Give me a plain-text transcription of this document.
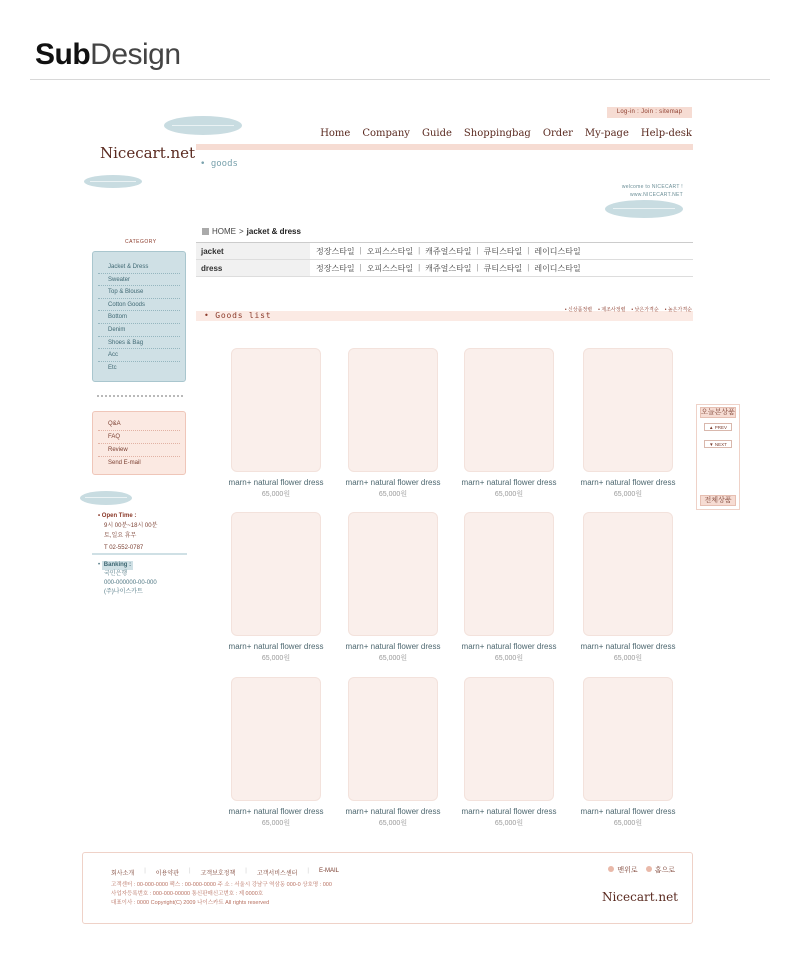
SubDesign
Nicecart.net
Log-in : Join : sitemap
Home Company Guide Shoppingbag Order My-page Help-desk
• goods
welcome to NICECART !
www.NICECART.NET
HOME > jacket & dress
jacket	정장스타일 | 오피스스타일 | 캐쥬얼스타일 | 큐티스타일 | 레이디스타일
dress	정장스타일 | 오피스스타일 | 캐쥬얼스타일 | 큐티스타일 | 레이디스타일
CATEGORY
Jacket & Dress
Sweater
Top & Blouse
Cotton Goods
Bottom
Denim
Shoes & Bag
Acc
Etc
Q&A
FAQ
Review
Send E-mail
• Open Time :
9시 00분~18시 00분
토,일요 휴무
T 02-552-0787
• Banking :
국민은행
000-000000-00-000
(주)나이스카트
• Goods list
• 신상품정렬 • 제조사정렬 • 낮은가격순 • 높은가격순
marn+ natural flower dress
65,000원
marn+ natural flower dress
65,000원
marn+ natural flower dress
65,000원
marn+ natural flower dress
65,000원
marn+ natural flower dress
65,000원
marn+ natural flower dress
65,000원
marn+ natural flower dress
65,000원
marn+ natural flower dress
65,000원
marn+ natural flower dress
65,000원
marn+ natural flower dress
65,000원
marn+ natural flower dress
65,000원
marn+ natural flower dress
65,000원
오늘본상품
▲ PREV
▼ NEXT
전체상품
회사소개 | 이용약관 | 고객보호정책 | 고객서비스센터 | E-MAIL
고객센터 : 00-000-0000 팩스 : 00-000-0000 주 소 : 서울시 강남구 역삼동 000-0 상호명 : 000
사업자등록번호 : 000-000-00000 통신판매신고번호 : 제 0000호
대표이사 : 0000 Copyright(C) 2009 나이스카트 All rights reserved
맨위로	홈으로
Nicecart.net
